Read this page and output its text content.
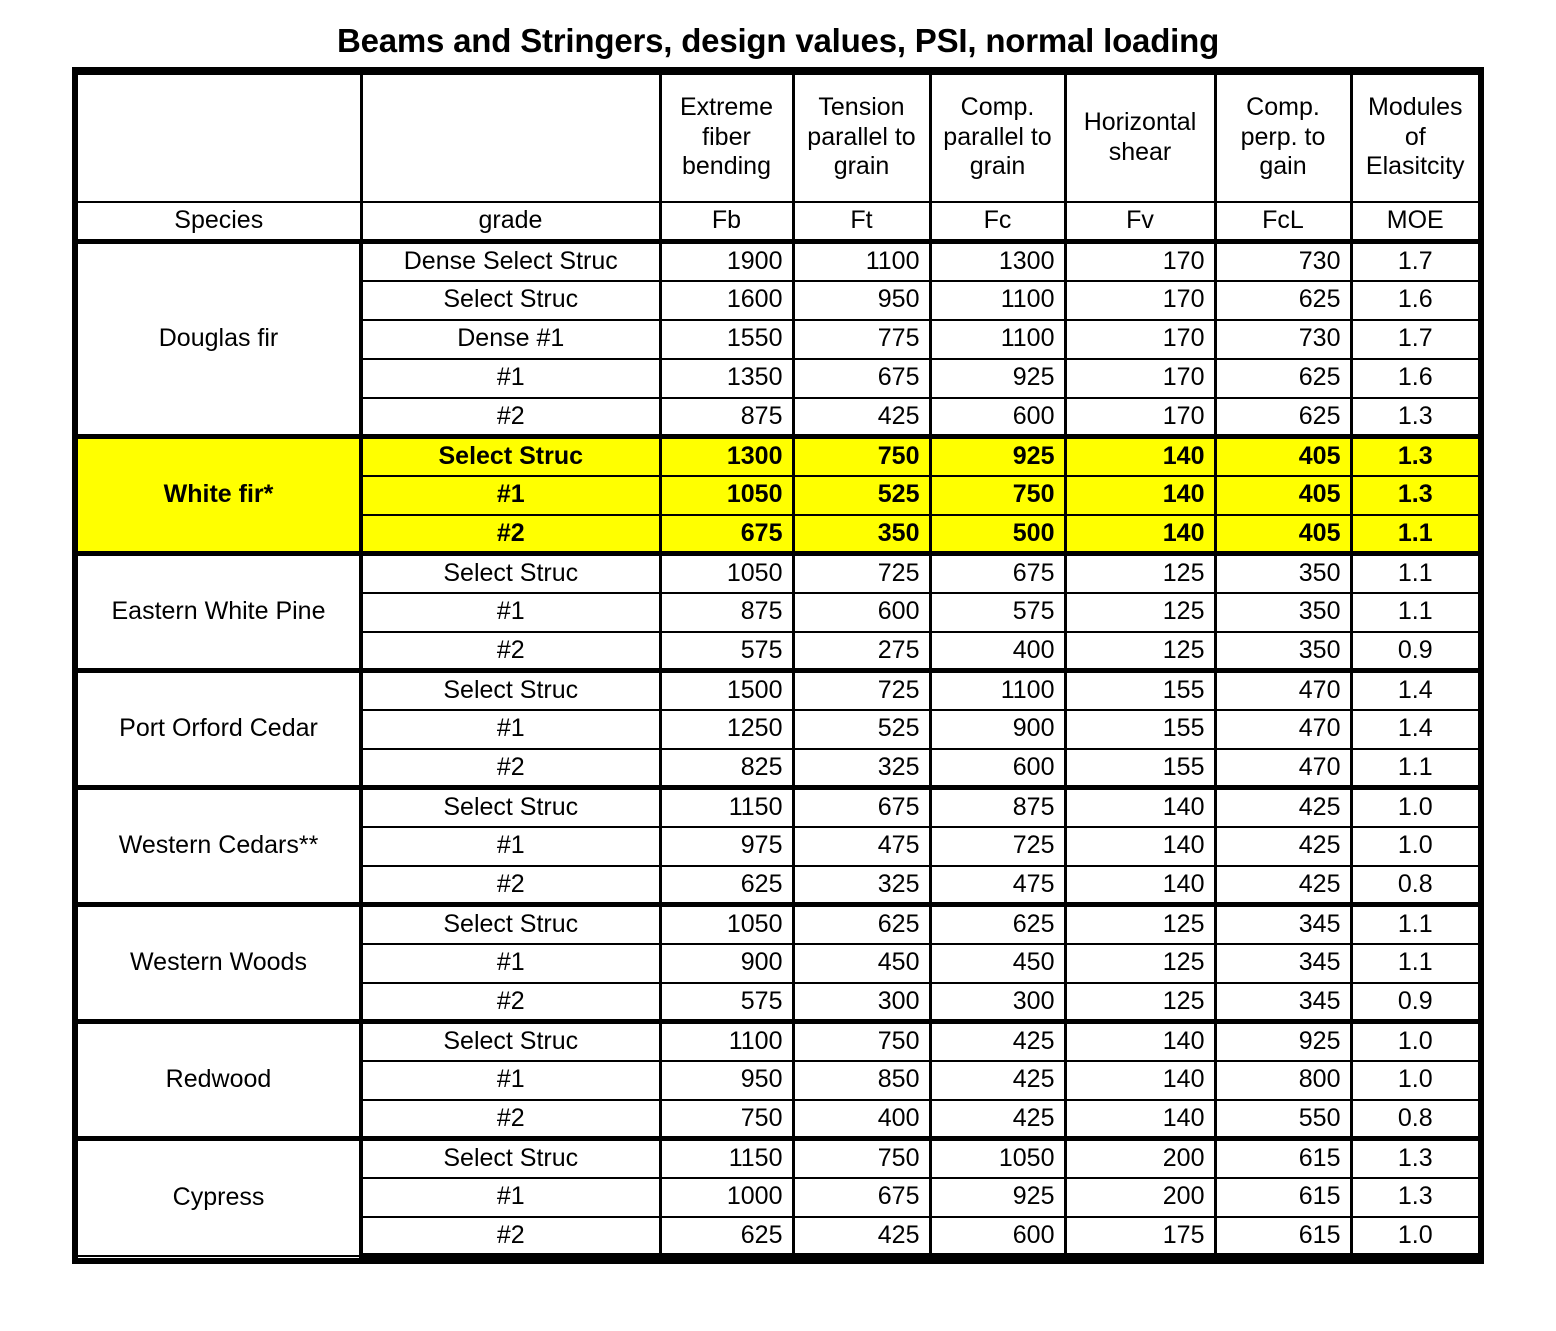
Beams and Stringers, design values, PSI, normal loading

		Extreme
fiber
bending	Tension
parallel to
grain	Comp.
parallel to
grain	Horizontal
shear	Comp.
perp. to
gain	Modules
of
Elasitcity

Species	grade	Fb	Ft	Fc	Fv	FcL	MOE
Douglas fir	Dense Select Struc	1900	1100	1300	170	730	1.7
	Select Struc	1600	950	1100	170	625	1.6
	Dense #1	1550	775	1100	170	730	1.7
	#1	1350	675	925	170	625	1.6
	#2	875	425	600	170	625	1.3
White fir*	Select Struc	1300	750	925	140	405	1.3
	#1	1050	525	750	140	405	1.3
	#2	675	350	500	140	405	1.1
Eastern White Pine	Select Struc	1050	725	675	125	350	1.1
	#1	875	600	575	125	350	1.1
	#2	575	275	400	125	350	0.9
Port Orford Cedar	Select Struc	1500	725	1100	155	470	1.4
	#1	1250	525	900	155	470	1.4
	#2	825	325	600	155	470	1.1
Western Cedars**	Select Struc	1150	675	875	140	425	1.0
	#1	975	475	725	140	425	1.0
	#2	625	325	475	140	425	0.8
Western Woods	Select Struc	1050	625	625	125	345	1.1
	#1	900	450	450	125	345	1.1
	#2	575	300	300	125	345	0.9
Redwood	Select Struc	1100	750	425	140	925	1.0
	#1	950	850	425	140	800	1.0
	#2	750	400	425	140	550	0.8
Cypress	Select Struc	1150	750	1050	200	615	1.3
	#1	1000	675	925	200	615	1.3
	#2	625	425	600	175	615	1.0
